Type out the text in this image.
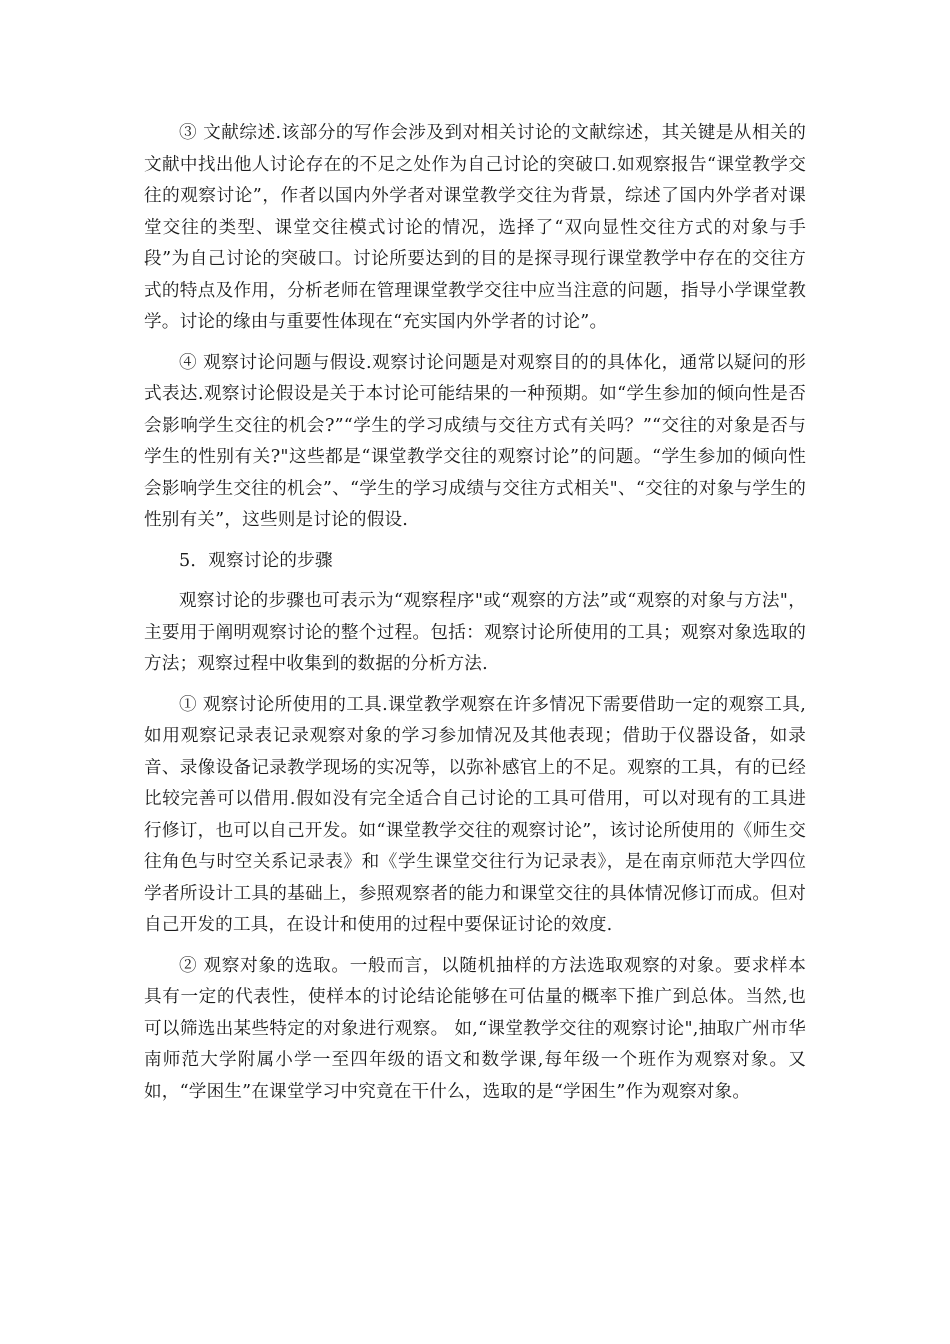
③ 文献综述.该部分的写作会涉及到对相关讨论的文献综述，其关键是从相关的文献中找出他人讨论存在的不足之处作为自己讨论的突破口.如观察报告“课堂教学交往的观察讨论”，作者以国内外学者对课堂教学交往为背景，综述了国内外学者对课堂交往的类型、课堂交往模式讨论的情况，选择了“双向显性交往方式的对象与手段”为自己讨论的突破口。讨论所要达到的目的是探寻现行课堂教学中存在的交往方式的特点及作用，分析老师在管理课堂教学交往中应当注意的问题，指导小学课堂教学。讨论的缘由与重要性体现在“充实国内外学者的讨论”。

④ 观察讨论问题与假设.观察讨论问题是对观察目的的具体化，通常以疑问的形式表达.观察讨论假设是关于本讨论可能结果的一种预期。如“学生参加的倾向性是否会影响学生交往的机会?”“学生的学习成绩与交往方式有关吗？”“交往的对象是否与学生的性别有关?"这些都是“课堂教学交往的观察讨论”的问题。“学生参加的倾向性会影响学生交往的机会”、“学生的学习成绩与交往方式相关"、“交往的对象与学生的性别有关”，这些则是讨论的假设.

5．观察讨论的步骤

观察讨论的步骤也可表示为“观察程序"或“观察的方法”或“观察的对象与方法"，主要用于阐明观察讨论的整个过程。包括：观察讨论所使用的工具；观察对象选取的方法；观察过程中收集到的数据的分析方法.

① 观察讨论所使用的工具.课堂教学观察在许多情况下需要借助一定的观察工具,如用观察记录表记录观察对象的学习参加情况及其他表现；借助于仪器设备，如录音、录像设备记录教学现场的实况等，以弥补感官上的不足。观察的工具，有的已经比较完善可以借用.假如没有完全适合自己讨论的工具可借用，可以对现有的工具进行修订，也可以自己开发。如“课堂教学交往的观察讨论”，该讨论所使用的《师生交往角色与时空关系记录表》和《学生课堂交往行为记录表》，是在南京师范大学四位学者所设计工具的基础上，参照观察者的能力和课堂交往的具体情况修订而成。但对自己开发的工具，在设计和使用的过程中要保证讨论的效度.

② 观察对象的选取。一般而言，以随机抽样的方法选取观察的对象。要求样本具有一定的代表性，使样本的讨论结论能够在可估量的概率下推广到总体。当然,也可以筛选出某些特定的对象进行观察。 如,“课堂教学交往的观察讨论",抽取广州市华南师范大学附属小学一至四年级的语文和数学课,每年级一个班作为观察对象。又如，“学困生”在课堂学习中究竟在干什么，选取的是“学困生”作为观察对象。
